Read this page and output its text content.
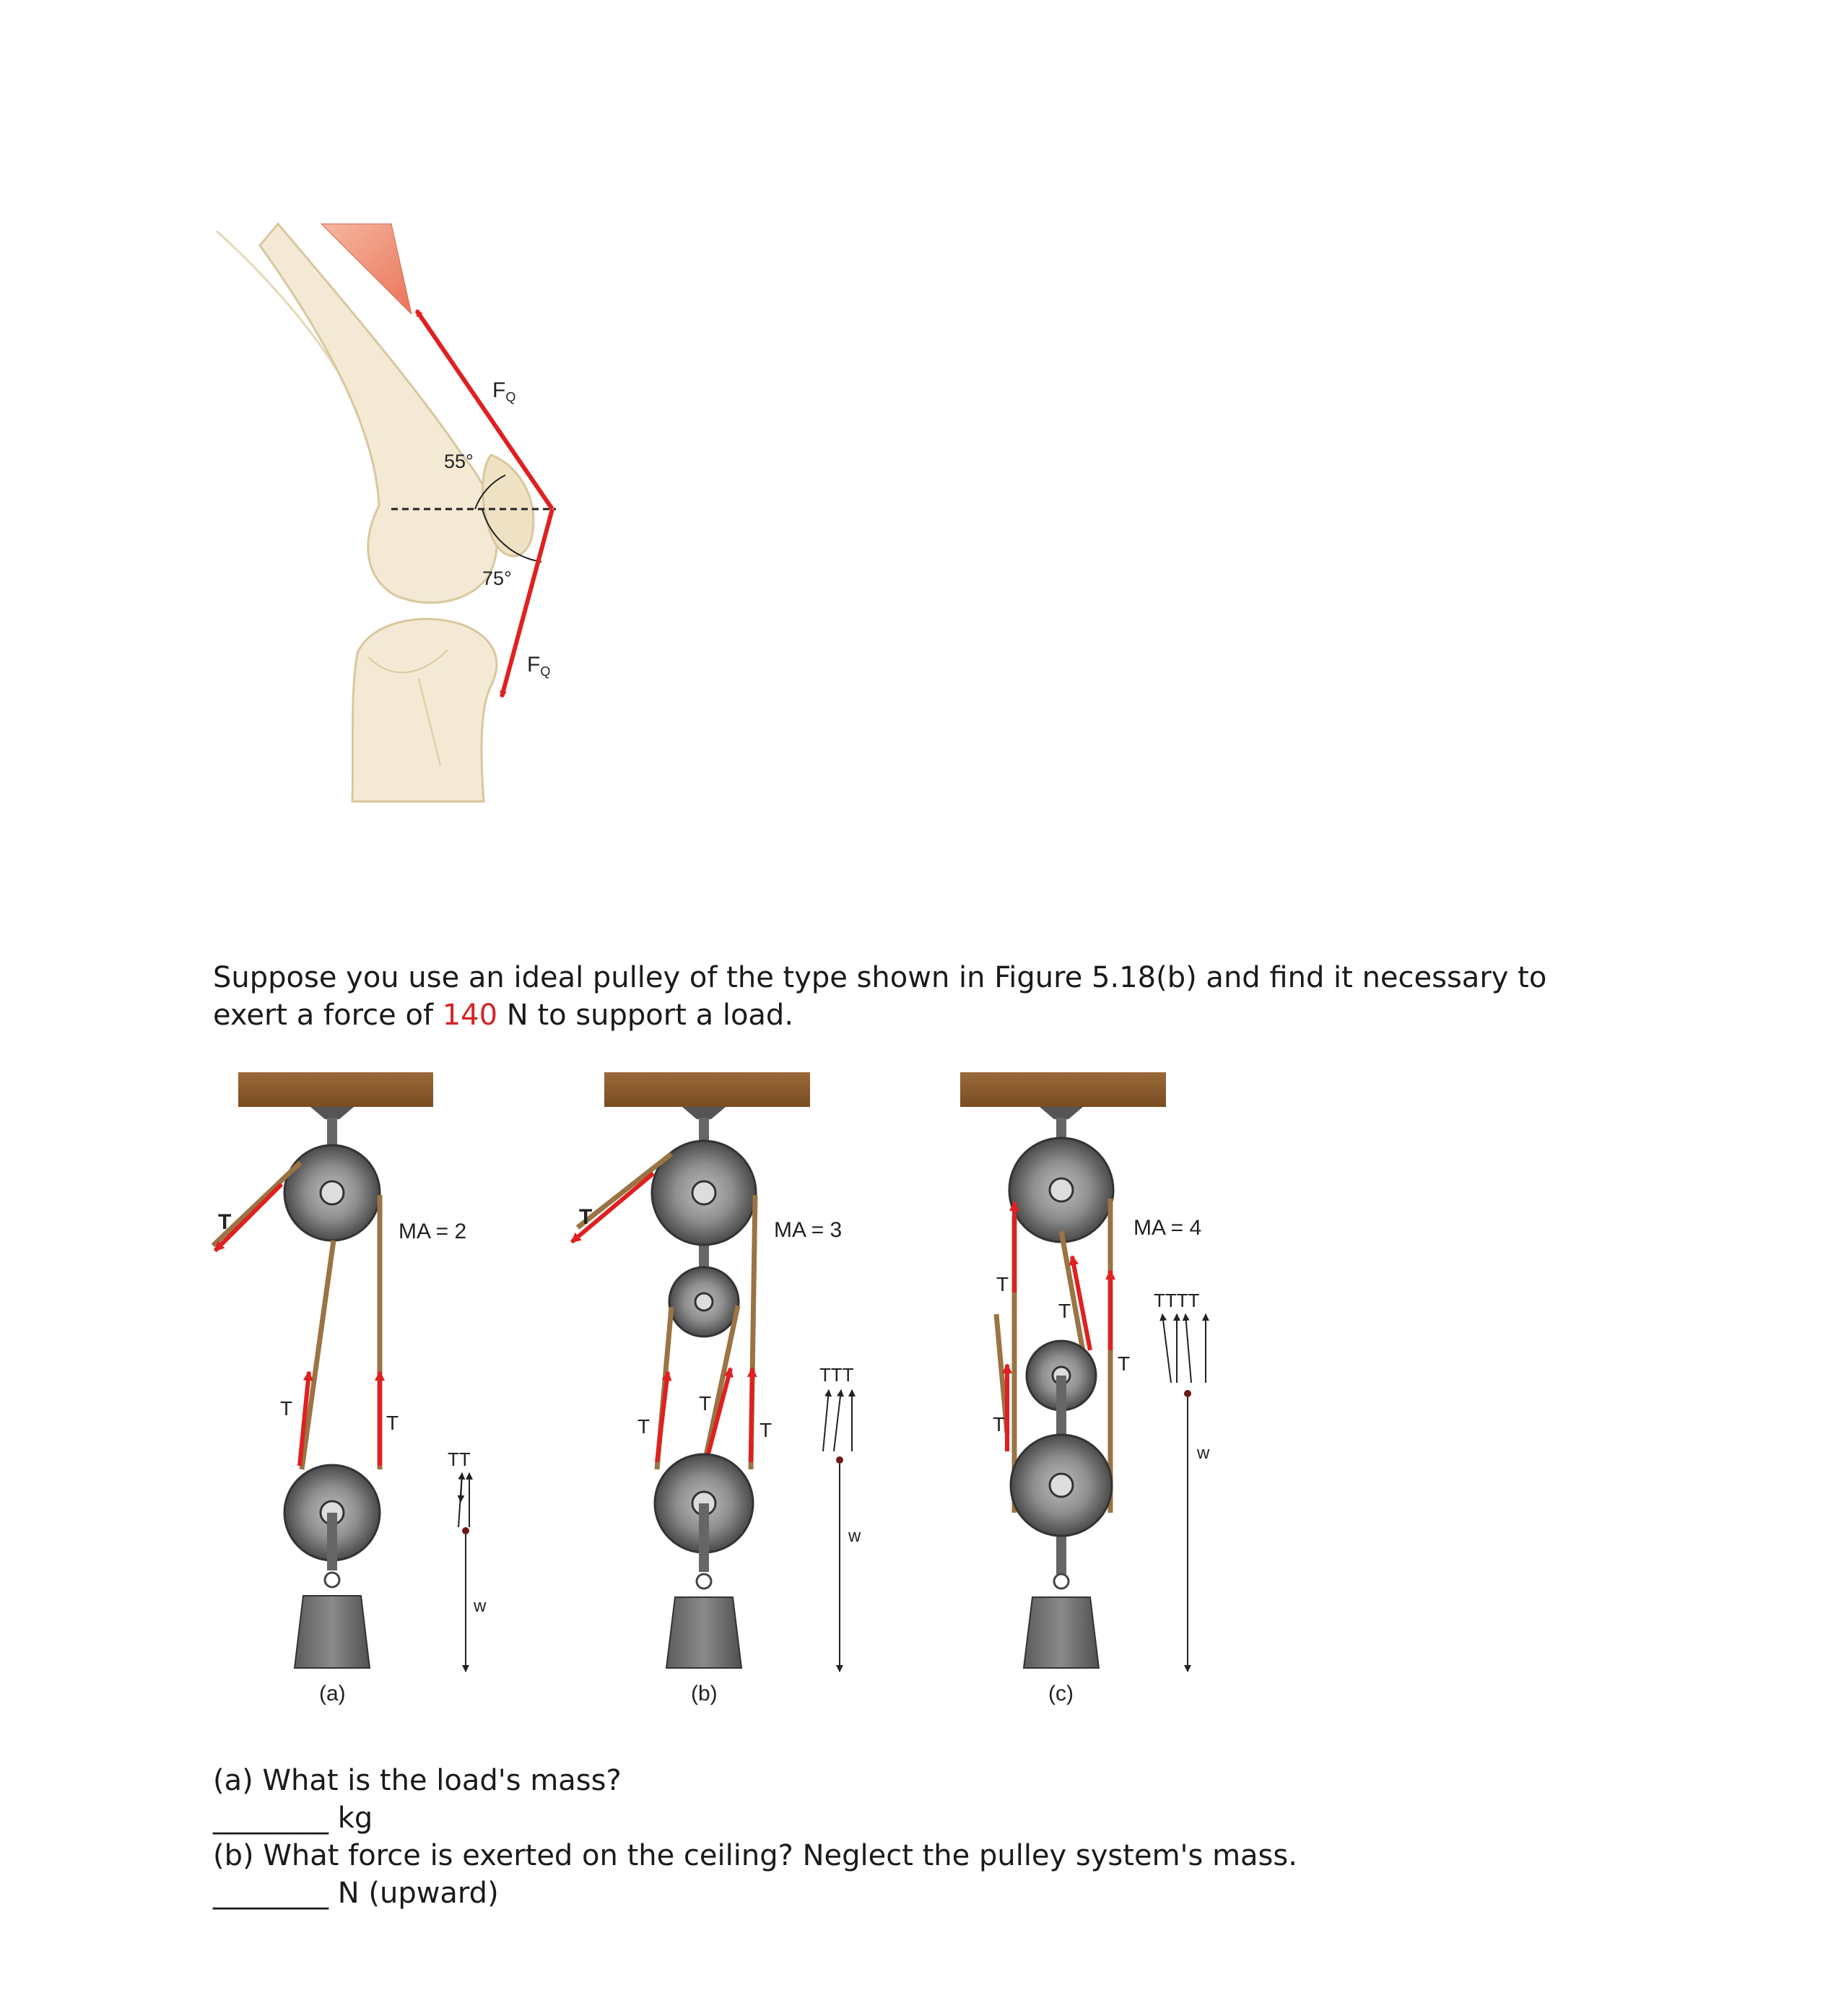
$F_Q$
55°
75°
$F_Q$
Suppose you use an ideal pulley of the type shown in Figure 5.18(b) and find it necessary to
exert a force of 140 N to support a load.
T
T
T
(a)
MA = 2
TT
w
T
T
T
T
(b)
MA = 3
TTT
w
T
T
T
T
(c)
MA = 4
TTTT
w
(a) What is the load's mass?
________ kg
(b) What force is exerted on the ceiling? Neglect the pulley system's mass.
________ N (upward)
